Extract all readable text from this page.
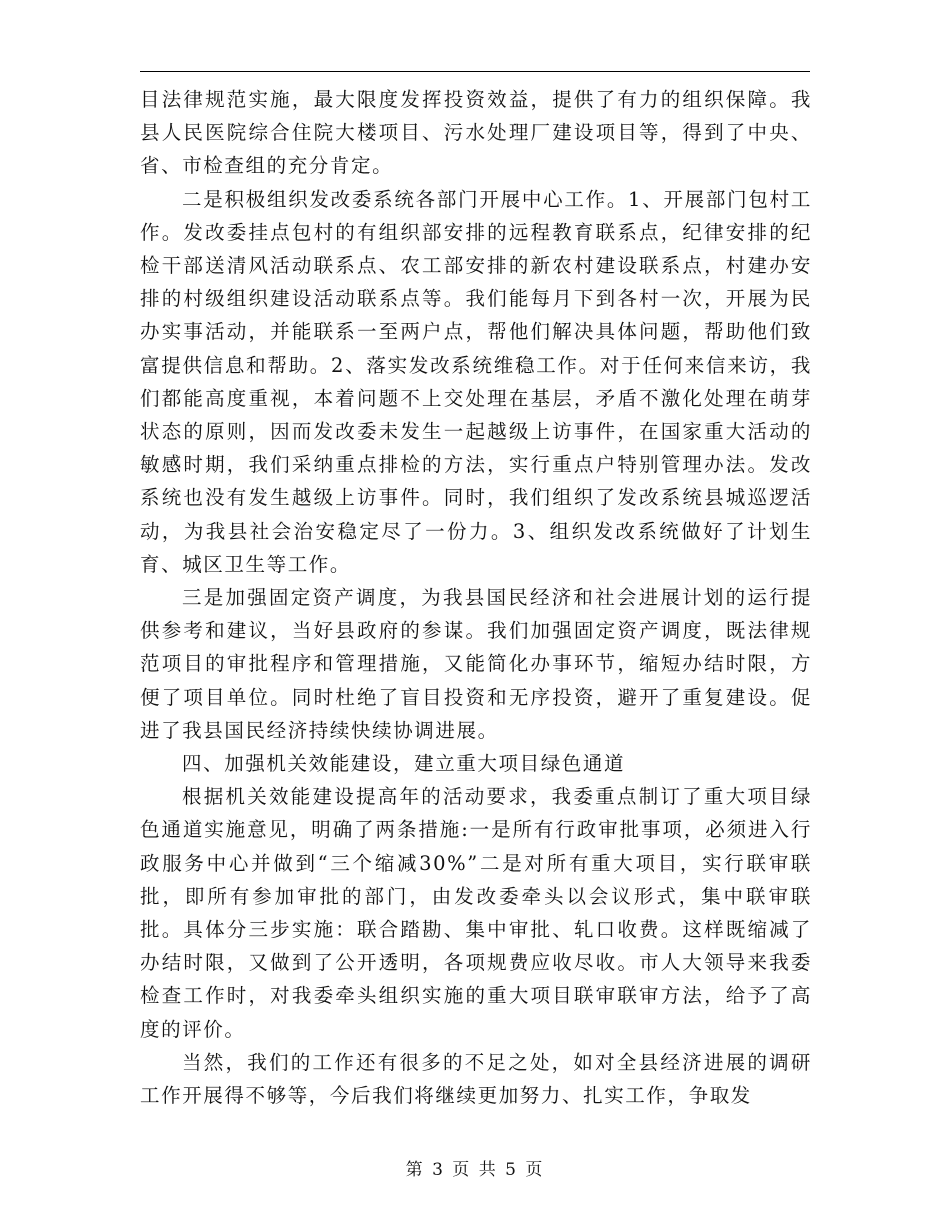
目法律规范实施，最大限度发挥投资效益，提供了有力的组织保障。我县人民医院综合住院大楼项目、污水处理厂建设项目等，得到了中央、省、市检查组的充分肯定。

二是积极组织发改委系统各部门开展中心工作。1、开展部门包村工作。发改委挂点包村的有组织部安排的远程教育联系点，纪律安排的纪检干部送清风活动联系点、农工部安排的新农村建设联系点，村建办安排的村级组织建设活动联系点等。我们能每月下到各村一次，开展为民办实事活动，并能联系一至两户点，帮他们解决具体问题，帮助他们致富提供信息和帮助。2、落实发改系统维稳工作。对于任何来信来访，我们都能高度重视，本着问题不上交处理在基层，矛盾不激化处理在萌芽状态的原则，因而发改委未发生一起越级上访事件，在国家重大活动的敏感时期，我们采纳重点排检的方法，实行重点户特别管理办法。发改系统也没有发生越级上访事件。同时，我们组织了发改系统县城巡逻活动，为我县社会治安稳定尽了一份力。3、组织发改系统做好了计划生育、城区卫生等工作。

三是加强固定资产调度，为我县国民经济和社会进展计划的运行提供参考和建议，当好县政府的参谋。我们加强固定资产调度，既法律规范项目的审批程序和管理措施，又能简化办事环节，缩短办结时限，方便了项目单位。同时杜绝了盲目投资和无序投资，避开了重复建设。促进了我县国民经济持续快续协调进展。

四、加强机关效能建设，建立重大项目绿色通道

根据机关效能建设提高年的活动要求，我委重点制订了重大项目绿色通道实施意见，明确了两条措施:一是所有行政审批事项，必须进入行政服务中心并做到“三个缩减30%”二是对所有重大项目，实行联审联批，即所有参加审批的部门，由发改委牵头以会议形式，集中联审联批。具体分三步实施：联合踏勘、集中审批、轧口收费。这样既缩减了办结时限，又做到了公开透明，各项规费应收尽收。市人大领导来我委检查工作时，对我委牵头组织实施的重大项目联审联审方法，给予了高度的评价。

当然，我们的工作还有很多的不足之处，如对全县经济进展的调研工作开展得不够等，今后我们将继续更加努力、扎实工作，争取发

第 3 页 共 5 页
